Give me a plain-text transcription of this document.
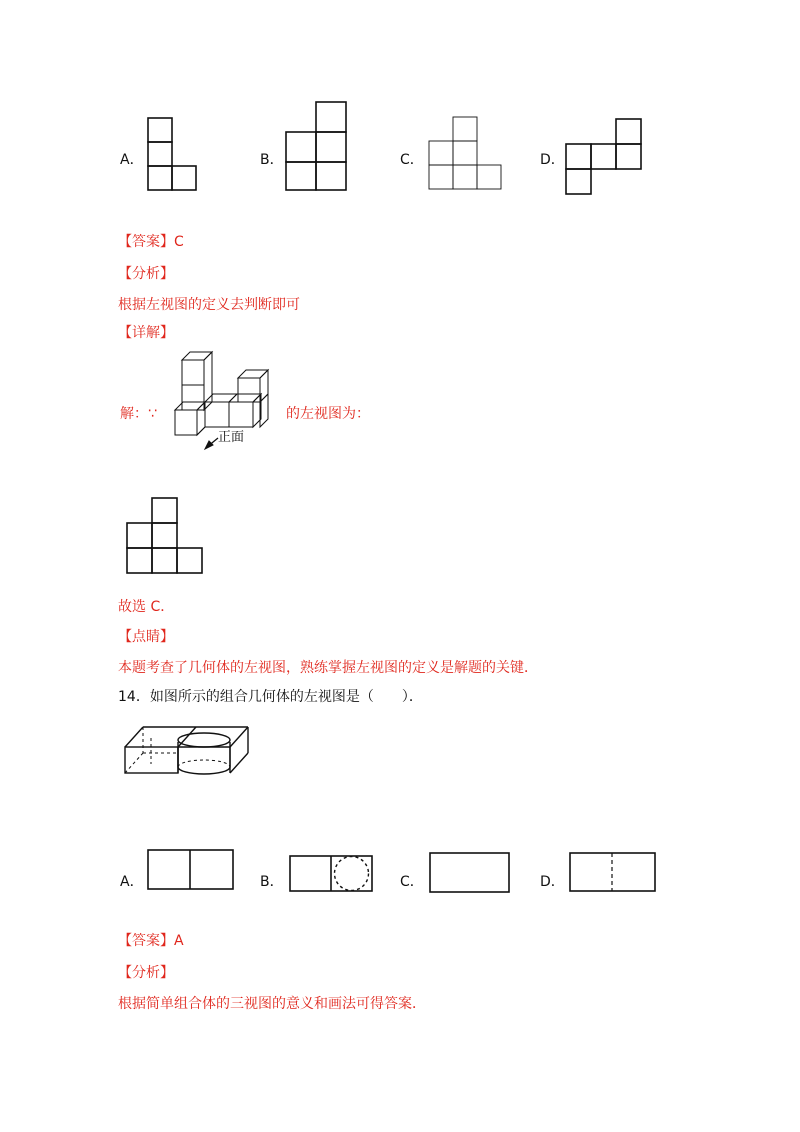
A．	B．	C．	D．
【答案】C
【分析】
根据左视图的定义去判断即可
【详解】
解：∵
正面
的左视图为：
故选 C．
【点睛】
本题考查了几何体的左视图，熟练掌握左视图的定义是解题的关键．
14．如图所示的组合几何体的左视图是（　　）．
A．	B．	C．	D．
【答案】A
【分析】
根据简单组合体的三视图的意义和画法可得答案．
